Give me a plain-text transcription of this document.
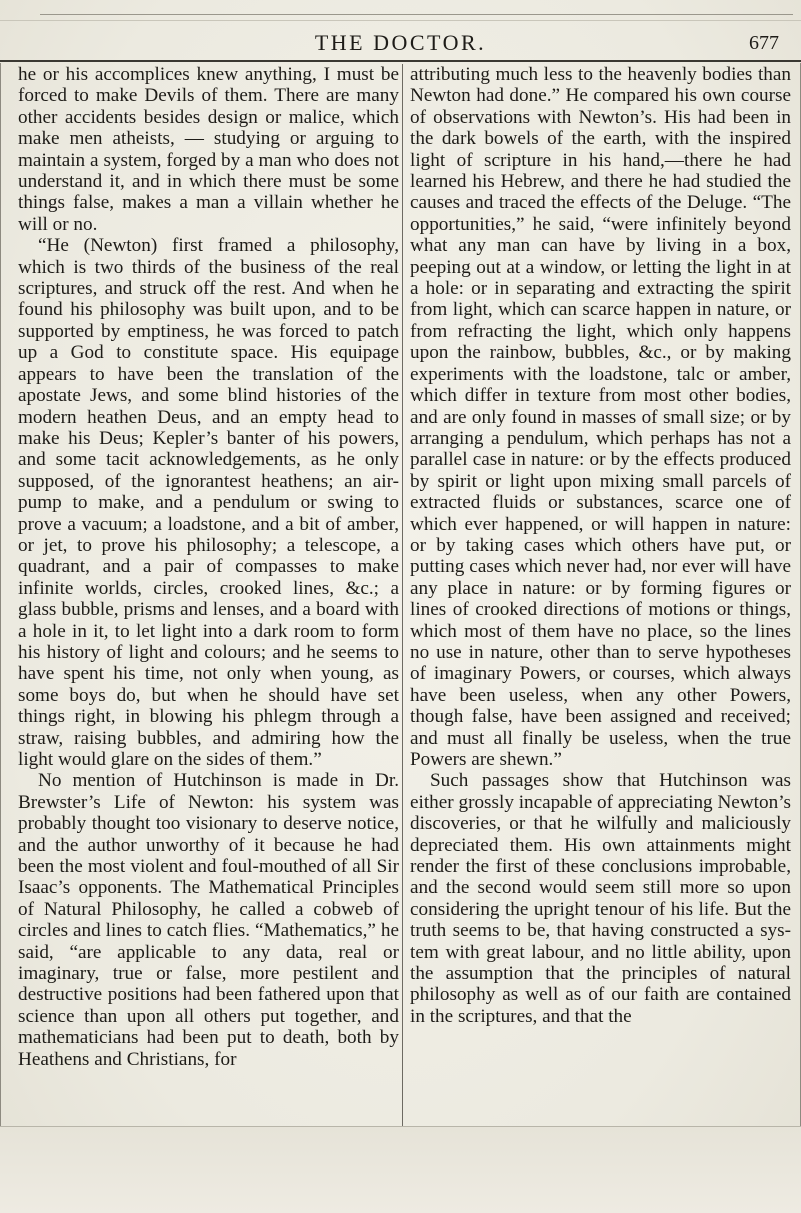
THE DOCTOR.	677

he or his accomplices knew anything, I must be forced to make Devils of them. There are many other accidents besides design or malice, which make men atheists, — studying or arguing to maintain a system, forged by a man who does not understand it, and in which there must be some things false, makes a man a villain whether he will or no.

“He (Newton) first framed a philosophy, which is two thirds of the business of the real scriptures, and struck off the rest. And when he found his philosophy was built upon, and to be supported by emptiness, he was forced to patch up a God to constitute space. His equipage appears to have been the translation of the apostate Jews, and some blind histories of the modern heathen Deus, and an empty head to make his Deus; Kepler’s banter of his powers, and some tacit acknowledgements, as he only supposed, of the ignorantest heathens; an air-pump to make, and a pendulum or swing to prove a vacuum; a loadstone, and a bit of amber, or jet, to prove his philosophy; a telescope, a quadrant, and a pair of compasses to make infinite worlds, circles, crooked lines, &c.; a glass bubble, prisms and lenses, and a board with a hole in it, to let light into a dark room to form his history of light and colours; and he seems to have spent his time, not only when young, as some boys do, but when he should have set things right, in blowing his phlegm through a straw, raising bubbles, and admiring how the light would glare on the sides of them.”

No mention of Hutchinson is made in Dr. Brewster’s Life of Newton: his system was probably thought too visionary to deserve notice, and the author unworthy of it because he had been the most violent and foul-mouthed of all Sir Isaac’s opponents. The Mathematical Principles of Natural Philosophy, he called a cobweb of circles and lines to catch flies. “Mathematics,” he said, “are applicable to any data, real or imaginary, true or false, more pestilent and destructive positions had been fathered upon that science than upon all others put together, and mathematicians had been put to death, both by Heathens and Christians, for

attributing much less to the heavenly bodies than Newton had done.” He compared his own course of observations with Newton’s. His had been in the dark bowels of the earth, with the inspired light of scripture in his hand,—there he had learned his Hebrew, and there he had studied the causes and traced the effects of the Deluge. “The opportunities,” he said, “were infinitely beyond what any man can have by living in a box, peeping out at a window, or letting the light in at a hole: or in separating and extracting the spirit from light, which can scarce happen in nature, or from refracting the light, which only happens upon the rainbow, bubbles, &c., or by making experiments with the loadstone, talc or amber, which differ in texture from most other bodies, and are only found in masses of small size; or by arranging a pendulum, which perhaps has not a parallel case in nature: or by the effects produced by spirit or light upon mixing small parcels of extracted fluids or substances, scarce one of which ever happened, or will happen in nature: or by taking cases which others have put, or putting cases which never had, nor ever will have any place in nature: or by forming figures or lines of crooked directions of motions or things, which most of them have no place, so the lines no use in nature, other than to serve hypotheses of imaginary Powers, or courses, which always have been useless, when any other Powers, though false, have been assigned and received; and must all finally be useless, when the true Powers are shewn.”

Such passages show that Hutchinson was either grossly incapable of appreciating Newton’s discoveries, or that he wilfully and maliciously depreciated them. His own attainments might render the first of these conclusions improbable, and the second would seem still more so upon considering the upright tenour of his life. But the truth seems to be, that having constructed a system with great labour, and no little ability, upon the assumption that the principles of natural philosophy as well as of our faith are contained in the scriptures, and that the
